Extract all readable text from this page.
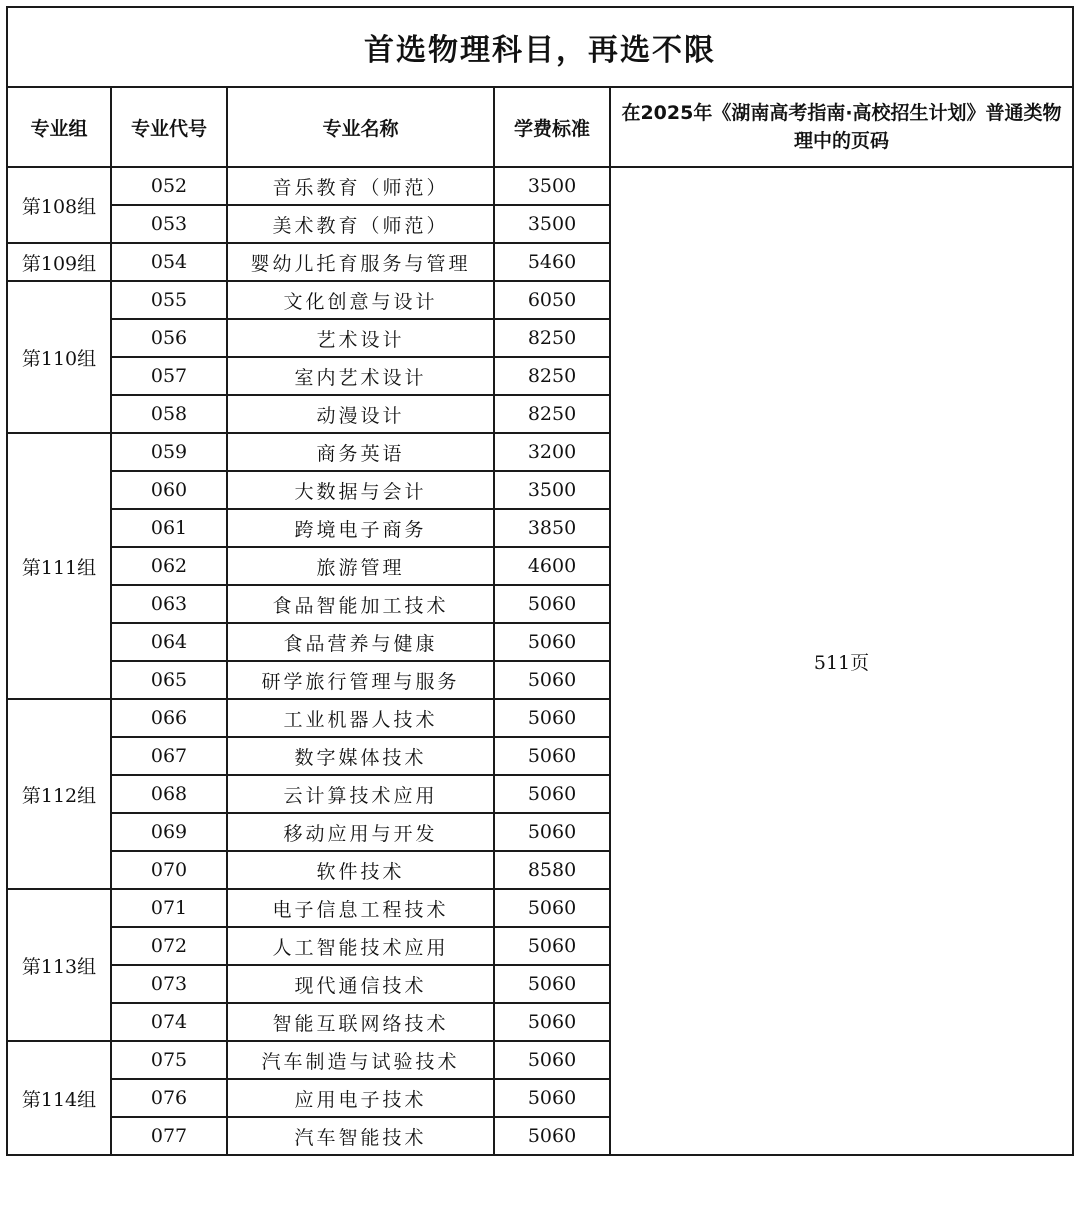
首选物理科目，再选不限				
专业组	专业代号	专业名称	学费标准	在2025年《湖南高考指南·高校招生计划》普通类物理中的页码
第108组	052	音乐教育（师范）	3500	511页
	053	美术教育（师范）	3500	
第109组	054	婴幼儿托育服务与管理	5460	
第110组	055	文化创意与设计	6050	
	056	艺术设计	8250	
	057	室内艺术设计	8250	
	058	动漫设计	8250	
第111组	059	商务英语	3200	
	060	大数据与会计	3500	
	061	跨境电子商务	3850	
	062	旅游管理	4600	
	063	食品智能加工技术	5060	
	064	食品营养与健康	5060	
	065	研学旅行管理与服务	5060	
第112组	066	工业机器人技术	5060	
	067	数字媒体技术	5060	
	068	云计算技术应用	5060	
	069	移动应用与开发	5060	
	070	软件技术	8580	
第113组	071	电子信息工程技术	5060	
	072	人工智能技术应用	5060	
	073	现代通信技术	5060	
	074	智能互联网络技术	5060	
第114组	075	汽车制造与试验技术	5060	
	076	应用电子技术	5060	
	077	汽车智能技术	5060	
